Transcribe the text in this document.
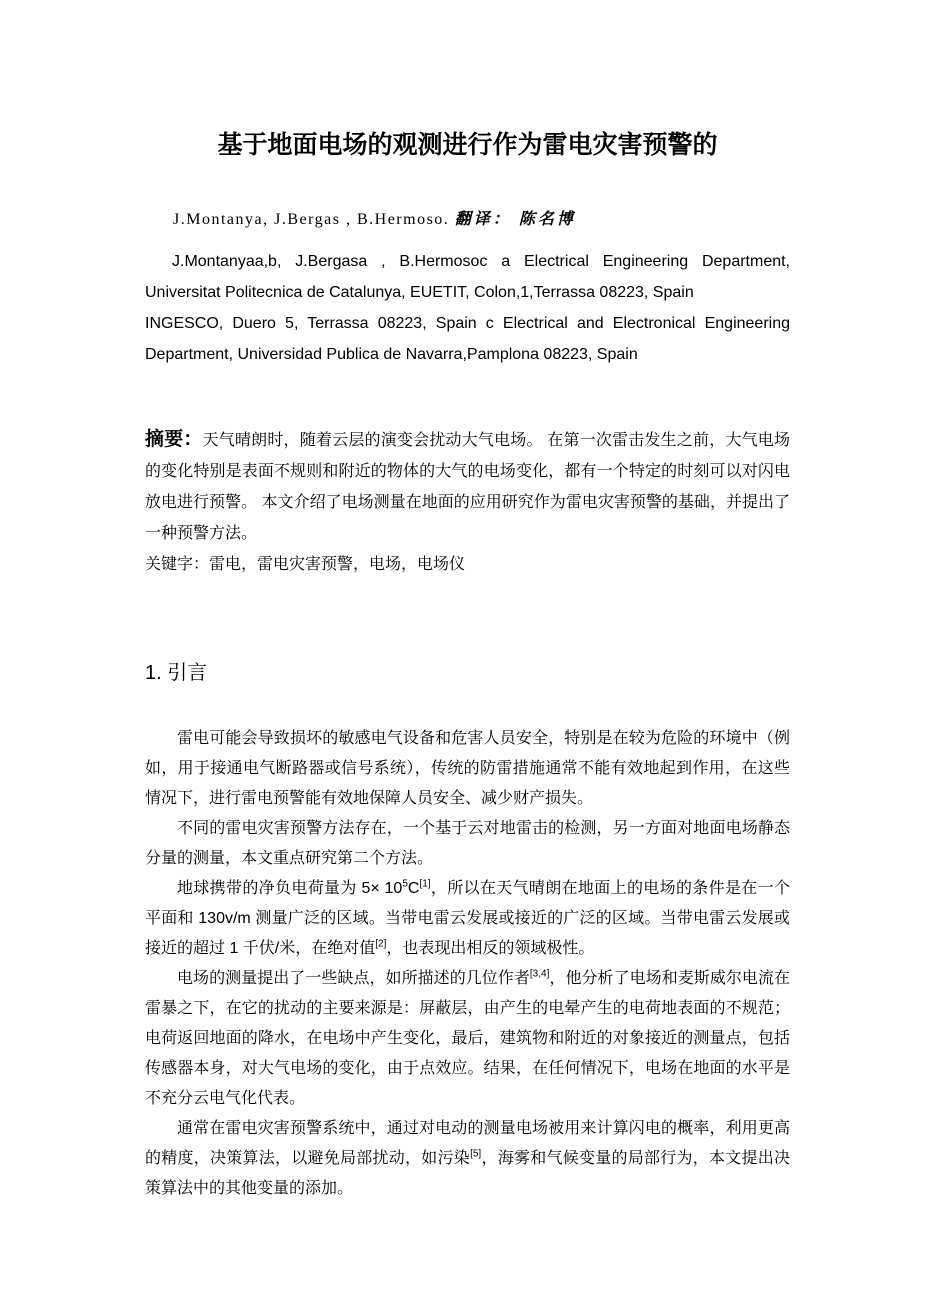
基于地面电场的观测进行作为雷电灾害预警的

J.Montanya, J.Bergas , B.Hermoso. 翻译： 陈名博

J.Montanyaa,b, J.Bergasa , B.Hermosoc a Electrical Engineering Department, Universitat Politecnica de Catalunya, EUETIT, Colon,1,Terrassa 08223, Spain

INGESCO, Duero 5, Terrassa 08223, Spain c Electrical and Electronical Engineering Department, Universidad Publica de Navarra,Pamplona 08223, Spain

摘要：天气晴朗时，随着云层的演变会扰动大气电场。 在第一次雷击发生之前，大气电场的变化特别是表面不规则和附近的物体的大气的电场变化，都有一个特定的时刻可以对闪电放电进行预警。 本文介绍了电场测量在地面的应用研究作为雷电灾害预警的基础，并提出了一种预警方法。

关键字：雷电，雷电灾害预警，电场，电场仪

1. 引言

雷电可能会导致损坏的敏感电气设备和危害人员安全，特别是在较为危险的环境中（例如，用于接通电气断路器或信号系统），传统的防雷措施通常不能有效地起到作用，在这些情况下，进行雷电预警能有效地保障人员安全、减少财产损失。

不同的雷电灾害预警方法存在，一个基于云对地雷击的检测，另一方面对地面电场静态分量的测量，本文重点研究第二个方法。

地球携带的净负电荷量为 $5\times 10^5C[1]$，所以在天气晴朗在地面上的电场的条件是在一个平面和 130v/m 测量广泛的区域。当带电雷云发展或接近的广泛的区域。当带电雷云发展或接近的超过 1 千伏/米，在绝对值[2]，也表现出相反的领域极性。

电场的测量提出了一些缺点，如所描述的几位作者[3,4]，他分析了电场和麦斯威尔电流在雷暴之下，在它的扰动的主要来源是：屏蔽层，由产生的电晕产生的电荷地表面的不规范；电荷返回地面的降水，在电场中产生变化，最后，建筑物和附近的对象接近的测量点，包括传感器本身，对大气电场的变化，由于点效应。结果，在任何情况下，电场在地面的水平是不充分云电气化代表。

通常在雷电灾害预警系统中，通过对电动的测量电场被用来计算闪电的概率，利用更高的精度，决策算法，以避免局部扰动，如污染[5]，海雾和气候变量的局部行为，本文提出决策算法中的其他变量的添加。
